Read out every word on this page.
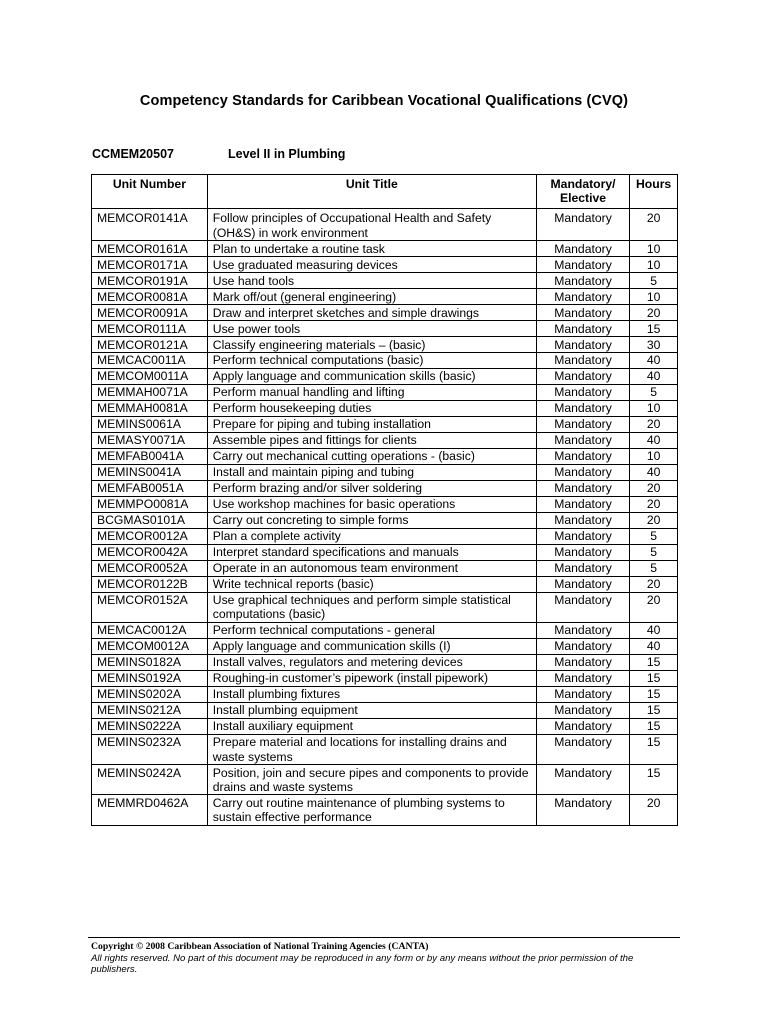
Competency Standards for Caribbean Vocational Qualifications (CVQ)
CCMEM20507	Level II in Plumbing
Unit Number	Unit Title	Mandatory/ Elective	Hours
MEMCOR0141A	Follow principles of Occupational Health and Safety (OH&S) in work environment	Mandatory	20
MEMCOR0161A	Plan to undertake a routine task	Mandatory	10
MEMCOR0171A	Use graduated measuring devices	Mandatory	10
MEMCOR0191A	Use hand tools	Mandatory	5
MEMCOR0081A	Mark off/out (general engineering)	Mandatory	10
MEMCOR0091A	Draw and interpret sketches and simple drawings	Mandatory	20
MEMCOR0111A	Use power tools	Mandatory	15
MEMCOR0121A	Classify engineering materials – (basic)	Mandatory	30
MEMCAC0011A	Perform technical computations (basic)	Mandatory	40
MEMCOM0011A	Apply language and communication skills (basic)	Mandatory	40
MEMMAH0071A	Perform manual handling and lifting	Mandatory	5
MEMMAH0081A	Perform housekeeping duties	Mandatory	10
MEMINS0061A	Prepare for piping and tubing installation	Mandatory	20
MEMASY0071A	Assemble pipes and fittings for clients	Mandatory	40
MEMFAB0041A	Carry out mechanical cutting operations - (basic)	Mandatory	10
MEMINS0041A	Install and maintain piping and tubing	Mandatory	40
MEMFAB0051A	Perform brazing and/or silver soldering	Mandatory	20
MEMMPO0081A	Use workshop machines for basic operations	Mandatory	20
BCGMAS0101A	Carry out concreting to simple forms	Mandatory	20
MEMCOR0012A	Plan a complete activity	Mandatory	5
MEMCOR0042A	Interpret standard specifications and manuals	Mandatory	5
MEMCOR0052A	Operate in an autonomous team environment	Mandatory	5
MEMCOR0122B	Write technical reports (basic)	Mandatory	20
MEMCOR0152A	Use graphical techniques and perform simple statistical computations (basic)	Mandatory	20
MEMCAC0012A	Perform technical computations - general	Mandatory	40
MEMCOM0012A	Apply language and communication skills (I)	Mandatory	40
MEMINS0182A	Install valves, regulators and metering devices	Mandatory	15
MEMINS0192A	Roughing-in customer’s pipework (install pipework)	Mandatory	15
MEMINS0202A	Install plumbing fixtures	Mandatory	15
MEMINS0212A	Install plumbing equipment	Mandatory	15
MEMINS0222A	Install auxiliary equipment	Mandatory	15
MEMINS0232A	Prepare material and locations for installing drains and waste systems	Mandatory	15
MEMINS0242A	Position, join and secure pipes and components to provide drains and waste systems	Mandatory	15
MEMMRD0462A	Carry out routine maintenance of plumbing systems to sustain effective performance	Mandatory	20
Copyright © 2008 Caribbean Association of National Training Agencies (CANTA)
All rights reserved. No part of this document may be reproduced in any form or by any means without the prior permission of the publishers.
